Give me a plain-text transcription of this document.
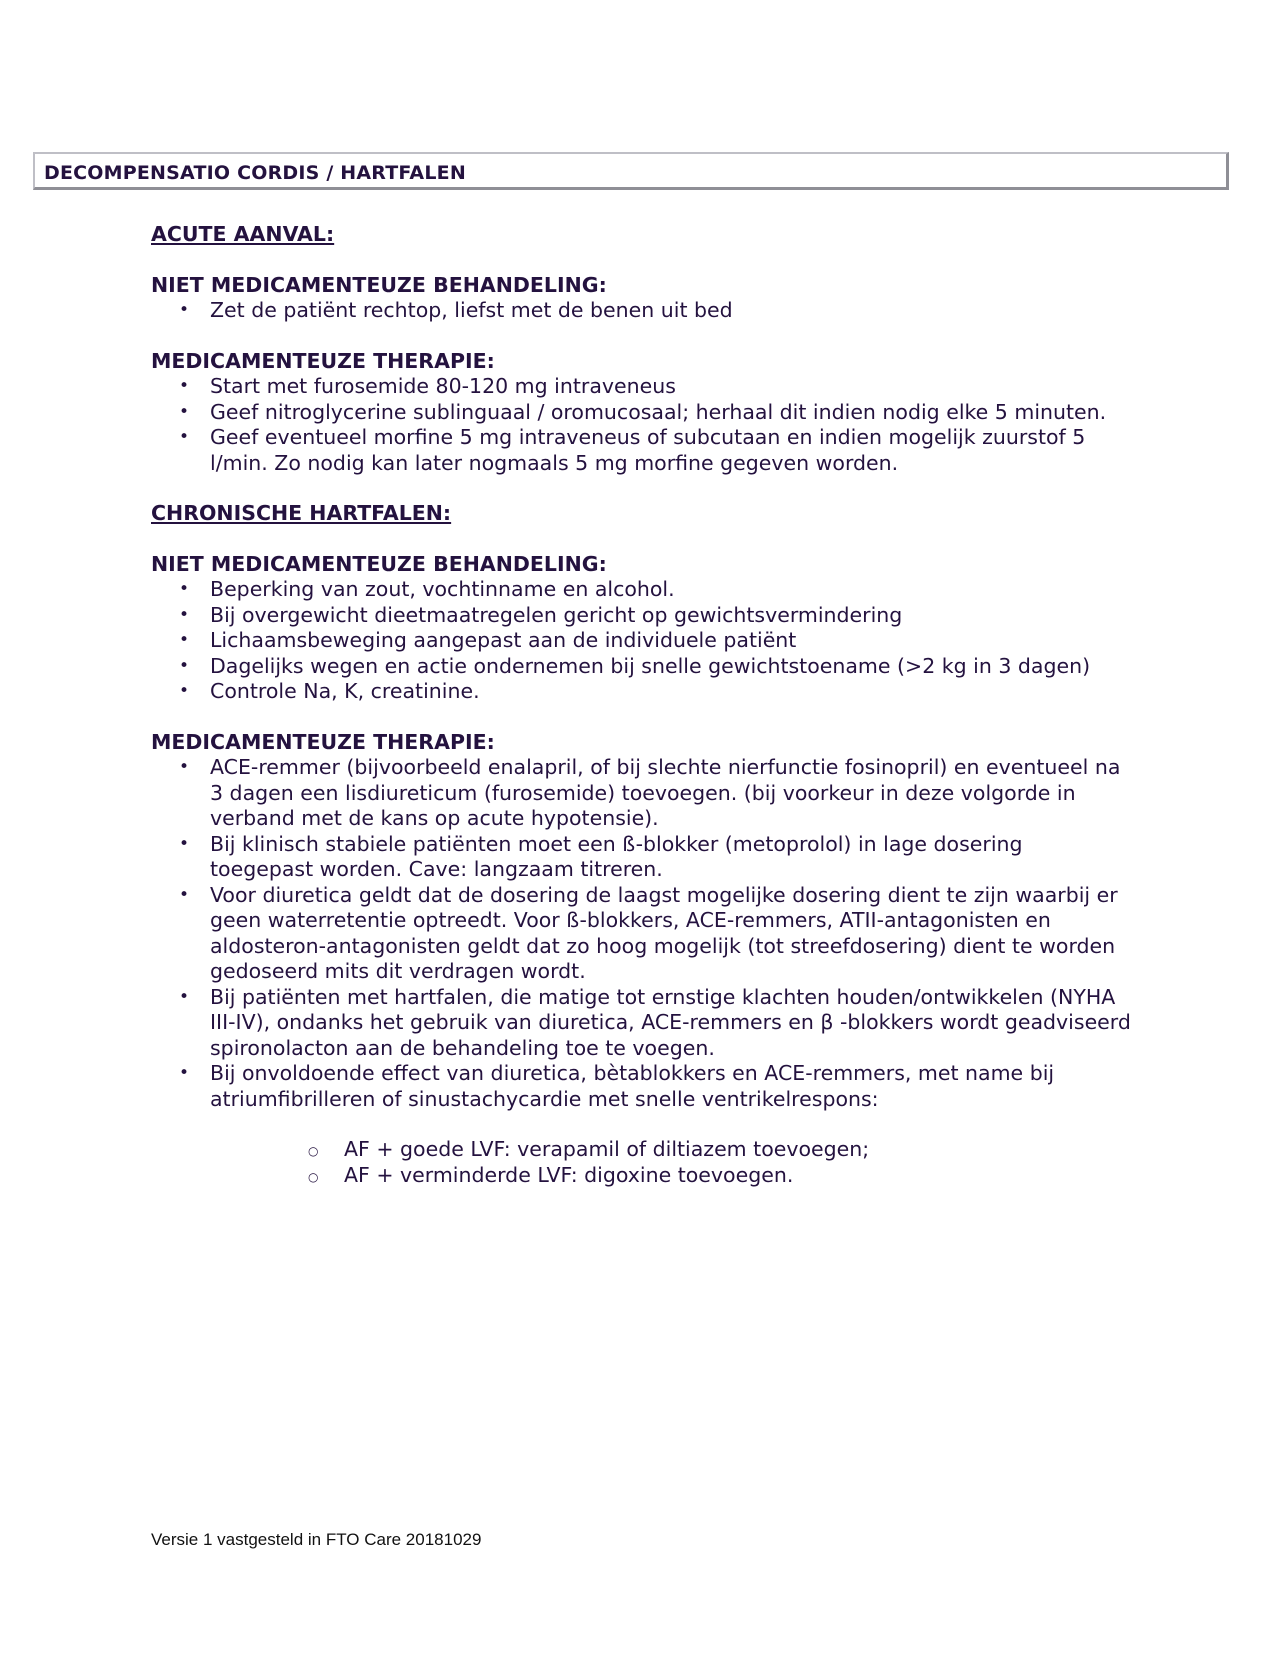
DECOMPENSATIO CORDIS / HARTFALEN
ACUTE AANVAL:
NIET MEDICAMENTEUZE BEHANDELING:
• Zet de patiënt rechtop, liefst met de benen uit bed
MEDICAMENTEUZE THERAPIE:
• Start met furosemide 80-120 mg intraveneus
• Geef nitroglycerine sublinguaal / oromucosaal; herhaal dit indien nodig elke 5 minuten.
• Geef eventueel morfine 5 mg intraveneus of subcutaan en indien mogelijk zuurstof 5 l/min. Zo nodig kan later nogmaals 5 mg morfine gegeven worden.
CHRONISCHE HARTFALEN:
NIET MEDICAMENTEUZE BEHANDELING:
• Beperking van zout, vochtinname en alcohol.
• Bij overgewicht dieetmaatregelen gericht op gewichtsvermindering
• Lichaamsbeweging aangepast aan de individuele patiënt
• Dagelijks wegen en actie ondernemen bij snelle gewichtstoename (>2 kg in 3 dagen)
• Controle Na, K, creatinine.
MEDICAMENTEUZE THERAPIE:
• ACE-remmer (bijvoorbeeld enalapril, of bij slechte nierfunctie fosinopril) en eventueel na 3 dagen een lisdiureticum (furosemide) toevoegen. (bij voorkeur in deze volgorde in verband met de kans op acute hypotensie).
• Bij klinisch stabiele patiënten moet een ß-blokker (metoprolol) in lage dosering toegepast worden. Cave: langzaam titreren.
• Voor diuretica geldt dat de dosering de laagst mogelijke dosering dient te zijn waarbij er geen waterretentie optreedt. Voor ß-blokkers, ACE-remmers, ATII-antagonisten en aldosteron-antagonisten geldt dat zo hoog mogelijk (tot streefdosering) dient te worden gedoseerd mits dit verdragen wordt.
• Bij patiënten met hartfalen, die matige tot ernstige klachten houden/ontwikkelen (NYHA III-IV), ondanks het gebruik van diuretica, ACE-remmers en β -blokkers wordt geadviseerd spironolacton aan de behandeling toe te voegen.
• Bij onvoldoende effect van diuretica, bètablokkers en ACE-remmers, met name bij atriumfibrilleren of sinustachycardie met snelle ventrikelrespons:
○ AF + goede LVF: verapamil of diltiazem toevoegen;
○ AF + verminderde LVF: digoxine toevoegen.
Versie 1 vastgesteld in FTO Care 20181029
